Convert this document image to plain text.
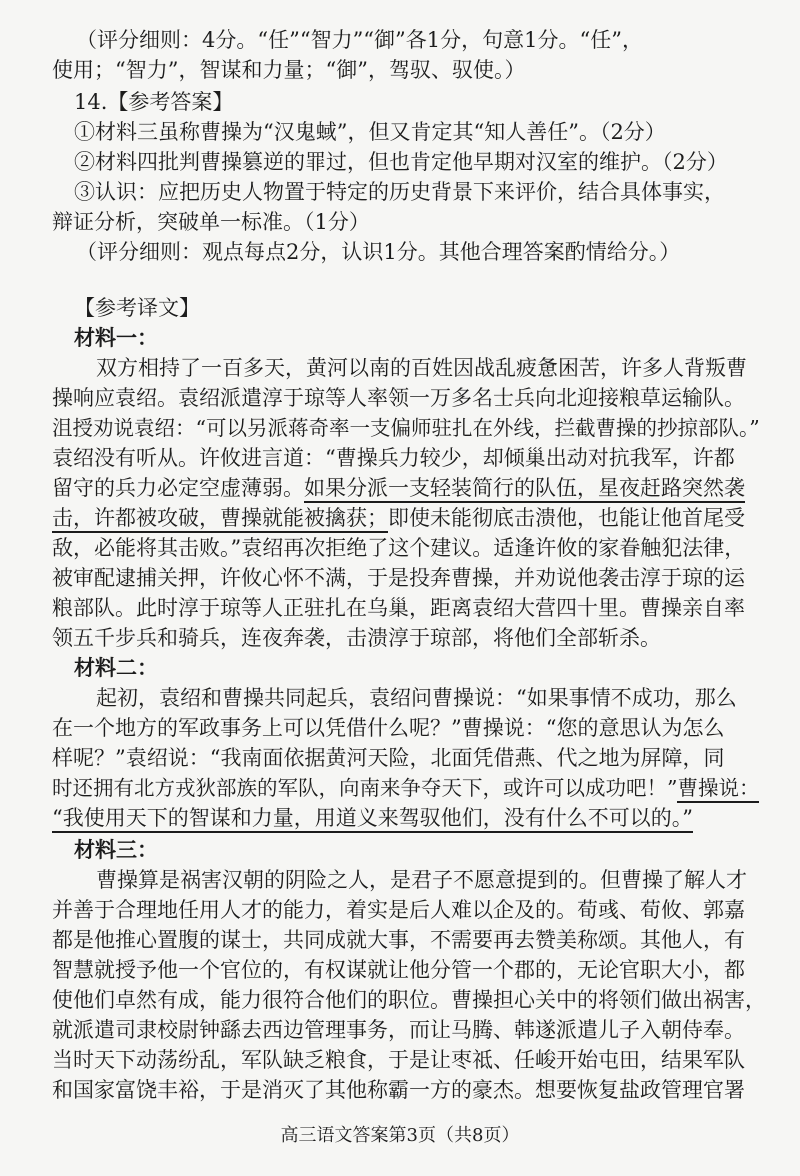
（评分细则：4分。“任”“智力”“御”各1分，句意1分。“任”，
使用；“智力”，智谋和力量；“御”，驾驭、驭使。）
14.【参考答案】
①材料三虽称曹操为“汉鬼蜮”，但又肯定其“知人善任”。（2分）
②材料四批判曹操篡逆的罪过，但也肯定他早期对汉室的维护。（2分）
③认识：应把历史人物置于特定的历史背景下来评价，结合具体事实，
辩证分析，突破单一标准。（1分）
（评分细则：观点每点2分，认识1分。其他合理答案酌情给分。）
【参考译文】
材料一：
双方相持了一百多天，黄河以南的百姓因战乱疲惫困苦，许多人背叛曹
操响应袁绍。袁绍派遣淳于琼等人率领一万多名士兵向北迎接粮草运输队。
沮授劝说袁绍：“可以另派蒋奇率一支偏师驻扎在外线，拦截曹操的抄掠部队。”
袁绍没有听从。许攸进言道：“曹操兵力较少，却倾巢出动对抗我军，许都
留守的兵力必定空虚薄弱。如果分派一支轻装简行的队伍，星夜赶路突然袭
击，许都被攻破，曹操就能被擒获；即使未能彻底击溃他，也能让他首尾受
敌，必能将其击败。”袁绍再次拒绝了这个建议。适逢许攸的家眷触犯法律，
被审配逮捕关押，许攸心怀不满，于是投奔曹操，并劝说他袭击淳于琼的运
粮部队。此时淳于琼等人正驻扎在乌巢，距离袁绍大营四十里。曹操亲自率
领五千步兵和骑兵，连夜奔袭，击溃淳于琼部，将他们全部斩杀。
材料二：
起初，袁绍和曹操共同起兵，袁绍问曹操说：“如果事情不成功，那么
在一个地方的军政事务上可以凭借什么呢？”曹操说：“您的意思认为怎么
样呢？”袁绍说：“我南面依据黄河天险，北面凭借燕、代之地为屏障，同
时还拥有北方戎狄部族的军队，向南来争夺天下，或许可以成功吧！”曹操说：
“我使用天下的智谋和力量，用道义来驾驭他们，没有什么不可以的。”
材料三：
曹操算是祸害汉朝的阴险之人，是君子不愿意提到的。但曹操了解人才
并善于合理地任用人才的能力，着实是后人难以企及的。荀彧、荀攸、郭嘉
都是他推心置腹的谋士，共同成就大事，不需要再去赞美称颂。其他人，有
智慧就授予他一个官位的，有权谋就让他分管一个郡的，无论官职大小，都
使他们卓然有成，能力很符合他们的职位。曹操担心关中的将领们做出祸害，
就派遣司隶校尉钟繇去西边管理事务，而让马腾、韩遂派遣儿子入朝侍奉。
当时天下动荡纷乱，军队缺乏粮食，于是让枣祗、任峻开始屯田，结果军队
和国家富饶丰裕，于是消灭了其他称霸一方的豪杰。想要恢复盐政管理官署
高三语文答案第3页（共8页）
